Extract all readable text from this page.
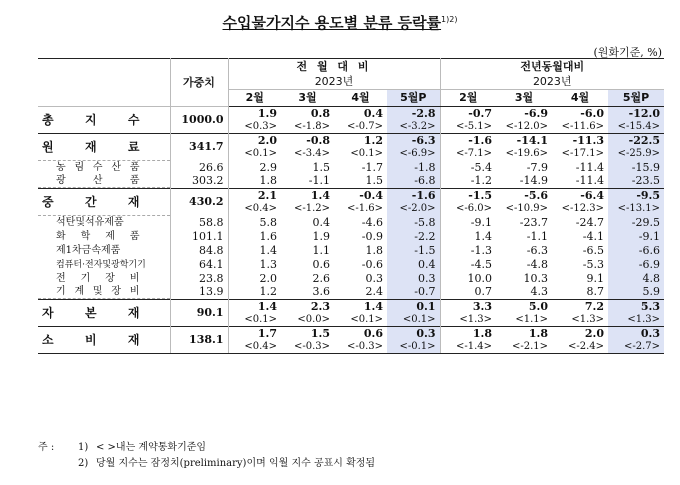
수입물가지수 용도별 분류 등락률$^{1)2)}$
(원화기준, %)
	가중치	전 월 대 비				전년동월대비			
		2023년				2023년			
		2월	3월	4월	5월P	2월	3월	4월	5월P

총 지 수	1000.0	1.9	0.8	0.4	-2.8	-0.7	-6.9	-6.0	-12.0
		<0.3>	<-1.8>	<-0.7>	<-3.2>	<-5.1>	<-12.0>	<-11.6>	<-15.4>

원 재 료	341.7	2.0	-0.8	1.2	-6.3	-1.6	-14.1	-11.3	-22.5
		<0.1>	<-3.4>	<0.1>	<-6.9>	<-7.1>	<-19.6>	<-17.1>	<-25.9>

농 림 수 산 품	26.6	2.9	1.5	-1.7	-1.8	-5.4	-7.9	-11.4	-15.9

광 산 품	303.2	1.8	-1.1	1.5	-6.8	-1.2	-14.9	-11.4	-23.5

중 간 재	430.2	2.1	1.4	-0.4	-1.6	-1.5	-5.6	-6.4	-9.5
		<0.4>	<-1.2>	<-1.6>	<-2.0>	<-6.0>	<-10.9>	<-12.3>	<-13.1>

석탄및석유제품	58.8	5.8	0.4	-4.6	-5.8	-9.1	-23.7	-24.7	-29.5

화 학 제 품	101.1	1.6	1.9	-0.9	-2.2	1.4	-1.1	-4.1	-9.1

제1차금속제품	84.8	1.4	1.1	1.8	-1.5	-1.3	-6.3	-6.5	-6.6

컴퓨터·전자및광학기기	64.1	1.3	0.6	-0.6	0.4	-4.5	-4.8	-5.3	-6.9

전 기 장 비	23.8	2.0	2.6	0.3	0.3	10.0	10.3	9.1	4.8

기 계 및 장 비	13.9	1.2	3.6	2.4	-0.7	0.7	4.3	8.7	5.9

자 본 재	90.1	1.4	2.3	1.4	0.1	3.3	5.0	7.2	5.3
		<0.1>	<0.0>	<0.1>	<0.1>	<1.3>	<1.1>	<1.3>	<1.3>

소 비 재	138.1	1.7	1.5	0.6	0.3	1.8	1.8	2.0	0.3
		<0.4>	<-0.3>	<-0.3>	<-0.1>	<-1.4>	<-2.1>	<-2.4>	<-2.7>
주 :	1) < >내는 계약통화기준임
2) 당월 지수는 잠정치(preliminary)이며 익월 지수 공표시 확정됨
